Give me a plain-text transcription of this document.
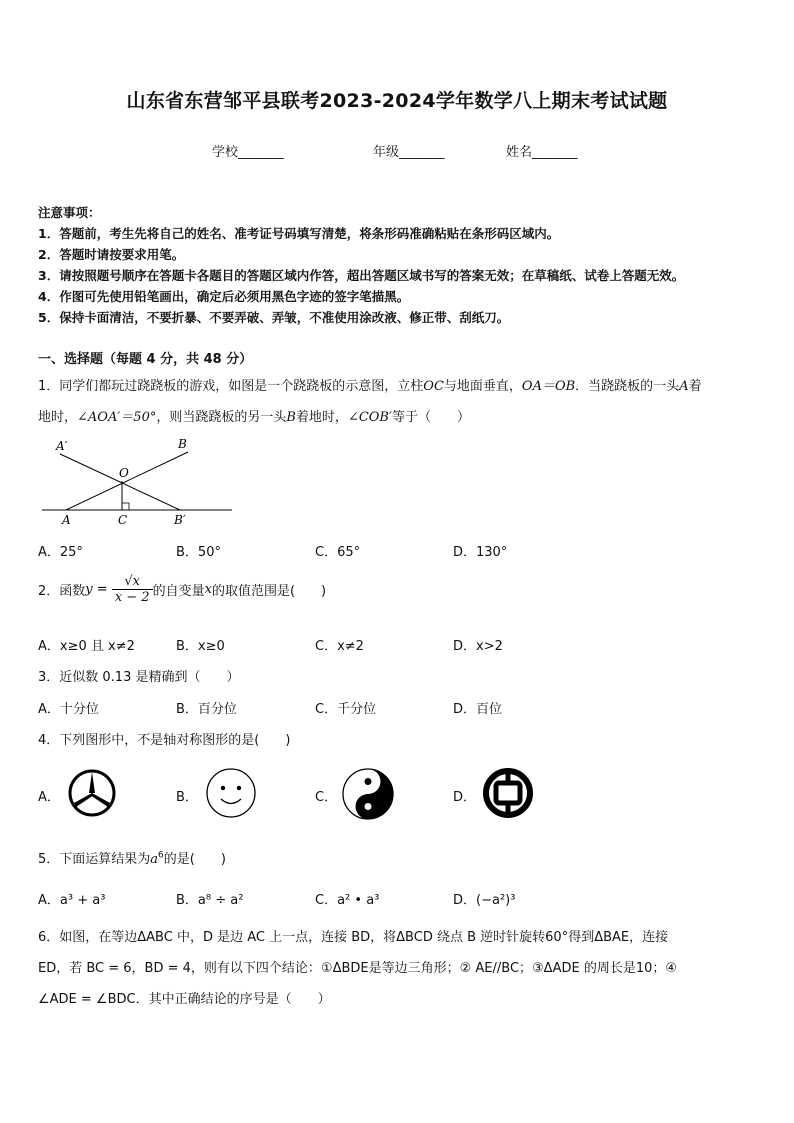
山东省东营邹平县联考2023-2024学年数学八上期末考试试题
学校_______	年级_______	姓名_______
注意事项：
1．答题前，考生先将自己的姓名、准考证号码填写清楚，将条形码准确粘贴在条形码区域内。
2．答题时请按要求用笔。
3．请按照题号顺序在答题卡各题目的答题区域内作答，超出答题区域书写的答案无效；在草稿纸、试卷上答题无效。
4．作图可先使用铅笔画出，确定后必须用黑色字迹的签字笔描黑。
5．保持卡面清洁，不要折暴、不要弄破、弄皱，不准使用涂改液、修正带、刮纸刀。
一、选择题（每题 4 分，共 48 分）
1．同学们都玩过跷跷板的游戏，如图是一个跷跷板的示意图，立柱OC与地面垂直，OA＝OB．当跷跷板的一头A着
地时，∠AOA′＝50°，则当跷跷板的另一头B着地时，∠COB′等于（　　）
A′	B
O
A	C	B′
A．25°	B．50°	C．65°	D．130°
2．函数$y = \frac{√x}{x - 2}$ 的自变量x的取值范围是(　　)
A．x≥0 且 x≠2	B．x≥0	C．x≠2	D．x>2
3．近似数 0.13 是精确到（　　）
A．十分位	B．百分位	C．千分位	D．百位
4．下列图形中，不是轴对称图形的是(　　)
A．	B．	C．	D．
5．下面运算结果为$a^6$的是(　　)
A．a³ + a³	B．a⁸ ÷ a²	C．a² • a³	D．(−a²)³
6．如图，在等边ΔABC 中，D 是边 AC 上一点，连接 BD，将ΔBCD 绕点 B 逆时针旋转60°得到ΔBAE，连接
ED，若 BC = 6，BD = 4，则有以下四个结论：①ΔBDE是等边三角形；② AE//BC；③ΔADE 的周长是10；④
∠ADE = ∠BDC．其中正确结论的序号是（　　）
